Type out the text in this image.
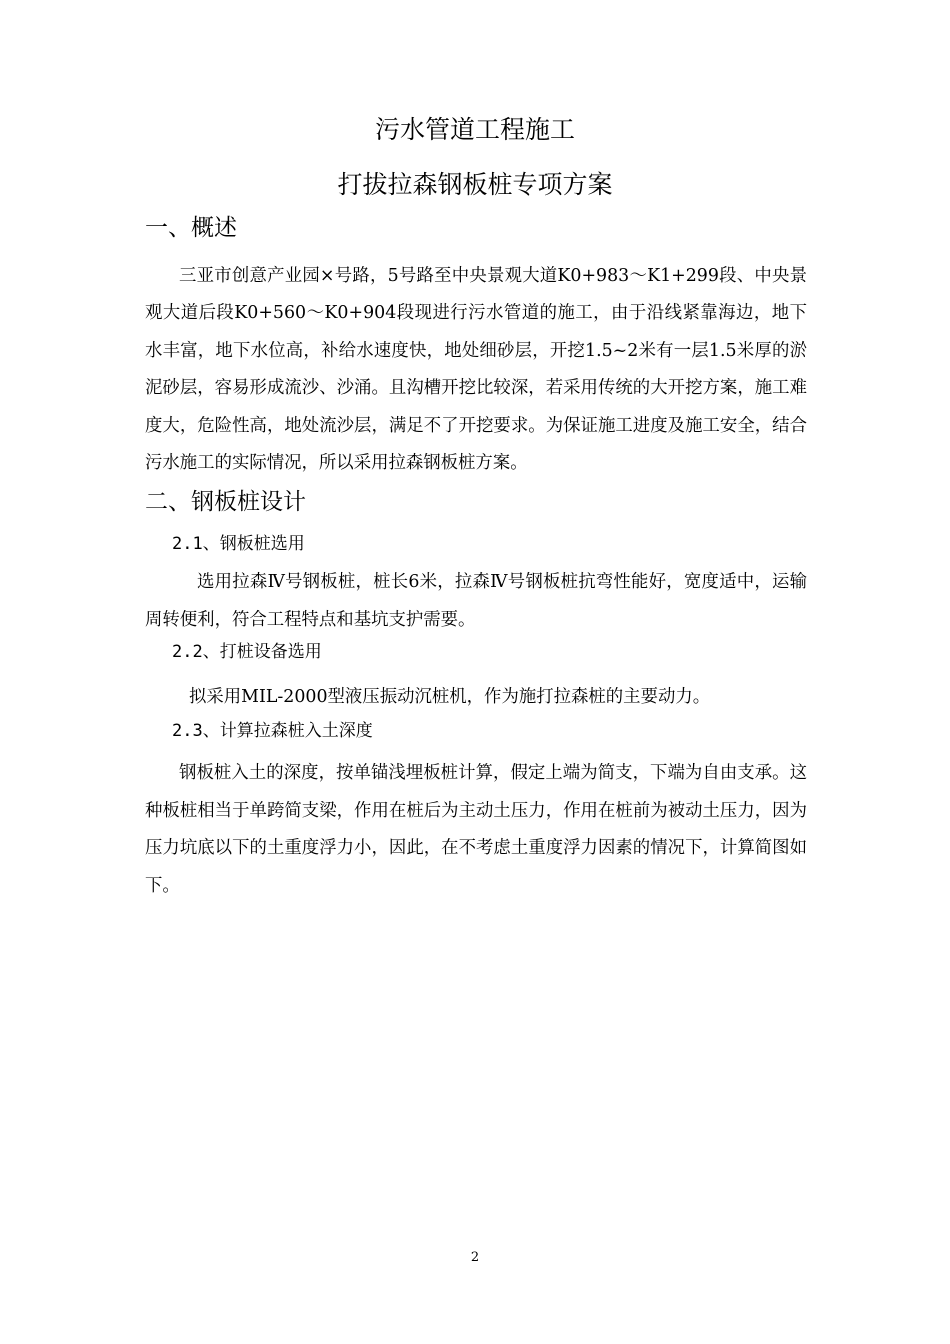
污水管道工程施工
打拔拉森钢板桩专项方案
一、概述
三亚市创意产业园×号路，5号路至中央景观大道K0+983～K1+299段、中央景观大道后段K0+560～K0+904段现进行污水管道的施工，由于沿线紧靠海边，地下水丰富，地下水位高，补给水速度快，地处细砂层，开挖1.5~2米有一层1.5米厚的淤泥砂层，容易形成流沙、沙涌。且沟槽开挖比较深，若采用传统的大开挖方案，施工难度大，危险性高，地处流沙层，满足不了开挖要求。为保证施工进度及施工安全，结合污水施工的实际情况，所以采用拉森钢板桩方案。
二、钢板桩设计
2.1、钢板桩选用
选用拉森Ⅳ号钢板桩，桩长6米，拉森Ⅳ号钢板桩抗弯性能好，宽度适中，运输周转便利，符合工程特点和基坑支护需要。
2.2、打桩设备选用
拟采用MIL-2000型液压振动沉桩机，作为施打拉森桩的主要动力。
2.3、计算拉森桩入土深度
钢板桩入土的深度，按单锚浅埋板桩计算，假定上端为简支，下端为自由支承。这种板桩相当于单跨简支梁，作用在桩后为主动土压力，作用在桩前为被动土压力，因为压力坑底以下的土重度浮力小，因此，在不考虑土重度浮力因素的情况下，计算简图如下。
2
